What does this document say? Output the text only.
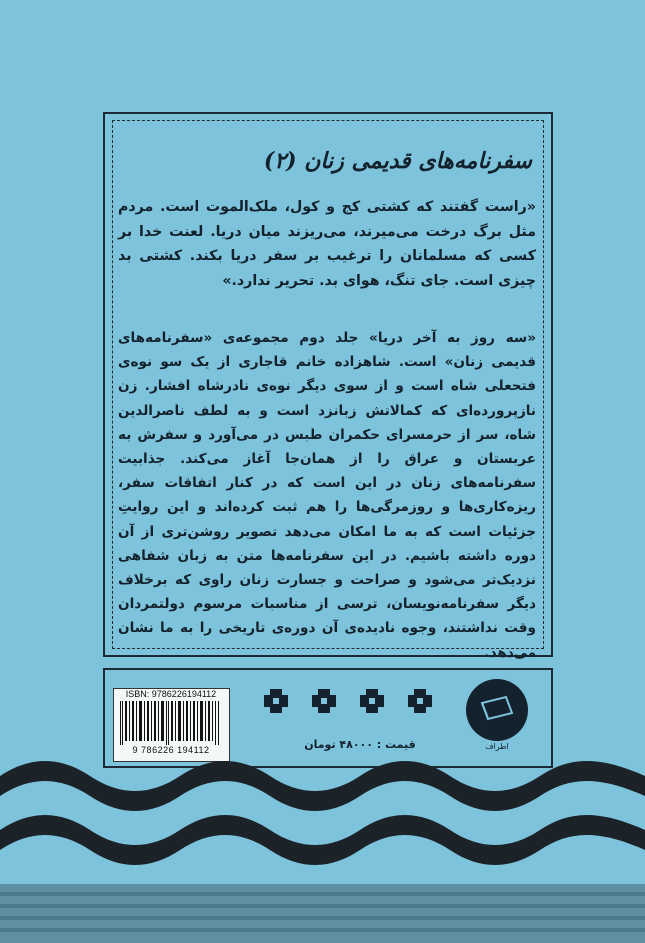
سفرنامه‌های قدیمی زنان (۲)
«راست گفتند که کشتی کج و کول، ملک‌الموت است. مردم مثل برگ درخت می‌میرند، می‌ریزند میان دریا. لعنت خدا بر کسی که مسلمانان را ترغیب بر سفر دریا بکند. کشتی بد چیزی است. جای تنگ، هوای بد. تحریر ندارد.»
«سه روز به آخر دریا» جلد دوم مجموعه‌ی «سفرنامه‌های قدیمی زنان» است. شاهزاده خانم قاجاری از یک سو نوه‌ی فتحعلی شاه است و از سوی دیگر نوه‌ی نادرشاه افشار. زن نازپرورده‌ای که کمالاتش زبانزد است و به لطف ناصرالدین شاه، سر از حرمسرای حکمران طبس در می‌آورد و سفرش به عربستان و عراق را از همان‌جا آغاز می‌کند. جذابیت سفرنامه‌های زنان در این است که در کنار اتفاقات سفر، ریزه‌کاری‌ها و روزمرگی‌ها را هم ثبت کرده‌اند و این روایتِ جزئیات است که به ما امکان می‌دهد تصویر روشن‌تری از آن دوره داشته باشیم. در این سفرنامه‌ها متن به زبان شفاهی نزدیک‌تر می‌شود و صراحت و جسارت زنان راوی که برخلاف دیگر سفرنامه‌نویسان، ترسی از مناسبات مرسوم دولتمردان وقت نداشتند، وجوه نادیده‌ی آن دوره‌ی تاریخی را به ما نشان می‌دهد.
ISBN: 9786226194112
9 786226 194112	قیمت : ۴۸۰۰۰ تومان	اطراف
